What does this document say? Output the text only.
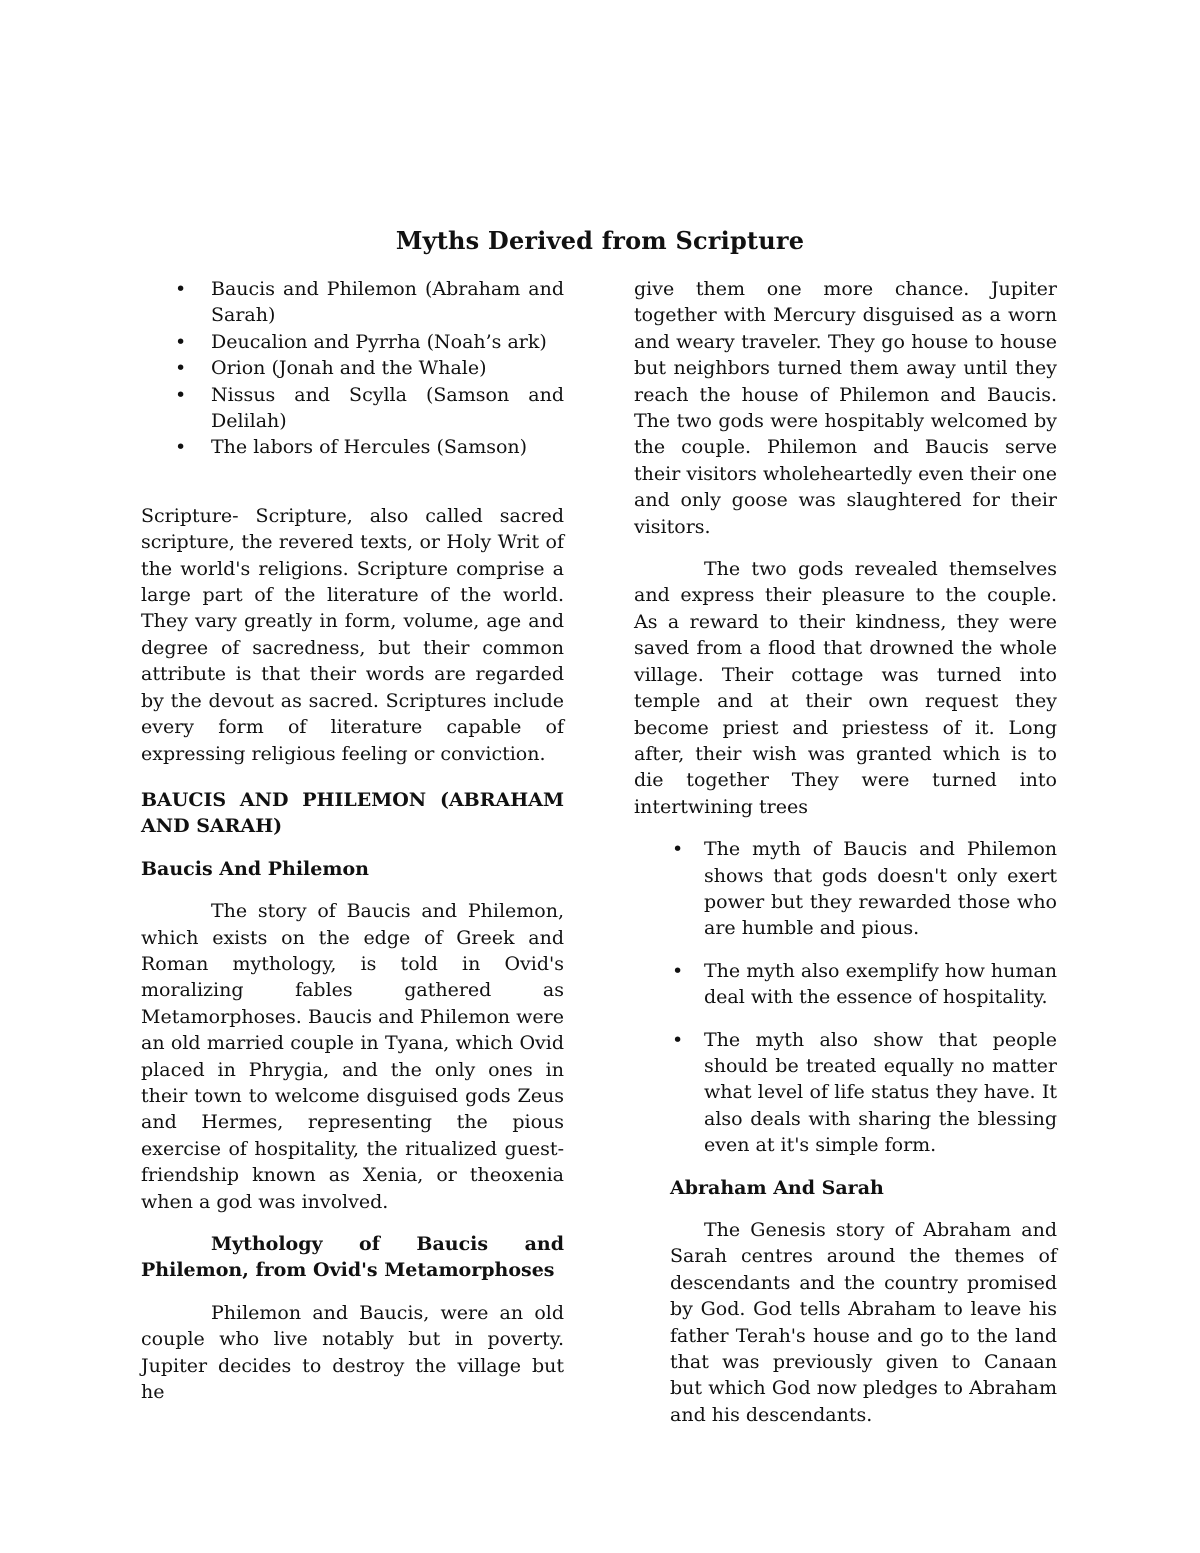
Myths Derived from Scripture
• Baucis and Philemon (Abraham and Sarah)
• Deucalion and Pyrrha (Noah’s ark)
• Orion (Jonah and the Whale)
• Nissus and Scylla (Samson and Delilah)
• The labors of Hercules (Samson)

Scripture- Scripture, also called sacred scripture, the revered texts, or Holy Writ of the world's religions. Scripture comprise a large part of the literature of the world. They vary greatly in form, volume, age and degree of sacredness, but their common attribute is that their words are regarded by the devout as sacred. Scriptures include every form of literature capable of expressing religious feeling or conviction.

BAUCIS AND PHILEMON (ABRAHAM AND SARAH)
Baucis And Philemon

The story of Baucis and Philemon, which exists on the edge of Greek and Roman mythology, is told in Ovid's moralizing fables gathered as Metamorphoses. Baucis and Philemon were an old married couple in Tyana, which Ovid placed in Phrygia, and the only ones in their town to welcome disguised gods Zeus and Hermes, representing the pious exercise of hospitality, the ritualized guest-friendship known as Xenia, or theoxenia when a god was involved.

Mythology of Baucis and Philemon, from Ovid's Metamorphoses

Philemon and Baucis, were an old couple who live notably but in poverty. Jupiter decides to destroy the village but he

give them one more chance. Jupiter together with Mercury disguised as a worn and weary traveler. They go house to house but neighbors turned them away until they reach the house of Philemon and Baucis. The two gods were hospitably welcomed by the couple. Philemon and Baucis serve their visitors wholeheartedly even their one and only goose was slaughtered for their visitors.

The two gods revealed themselves and express their pleasure to the couple. As a reward to their kindness, they were saved from a flood that drowned the whole village. Their cottage was turned into temple and at their own request they become priest and priestess of it. Long after, their wish was granted which is to die together They were turned into intertwining trees

• The myth of Baucis and Philemon shows that gods doesn't only exert power but they rewarded those who are humble and pious.
• The myth also exemplify how human deal with the essence of hospitality.
• The myth also show that people should be treated equally no matter what level of life status they have. It also deals with sharing the blessing even at it's simple form.
Abraham And Sarah

The Genesis story of Abraham and Sarah centres around the themes of descendants and the country promised by God. God tells Abraham to leave his father Terah's house and go to the land that was previously given to Canaan but which God now pledges to Abraham and his descendants.
